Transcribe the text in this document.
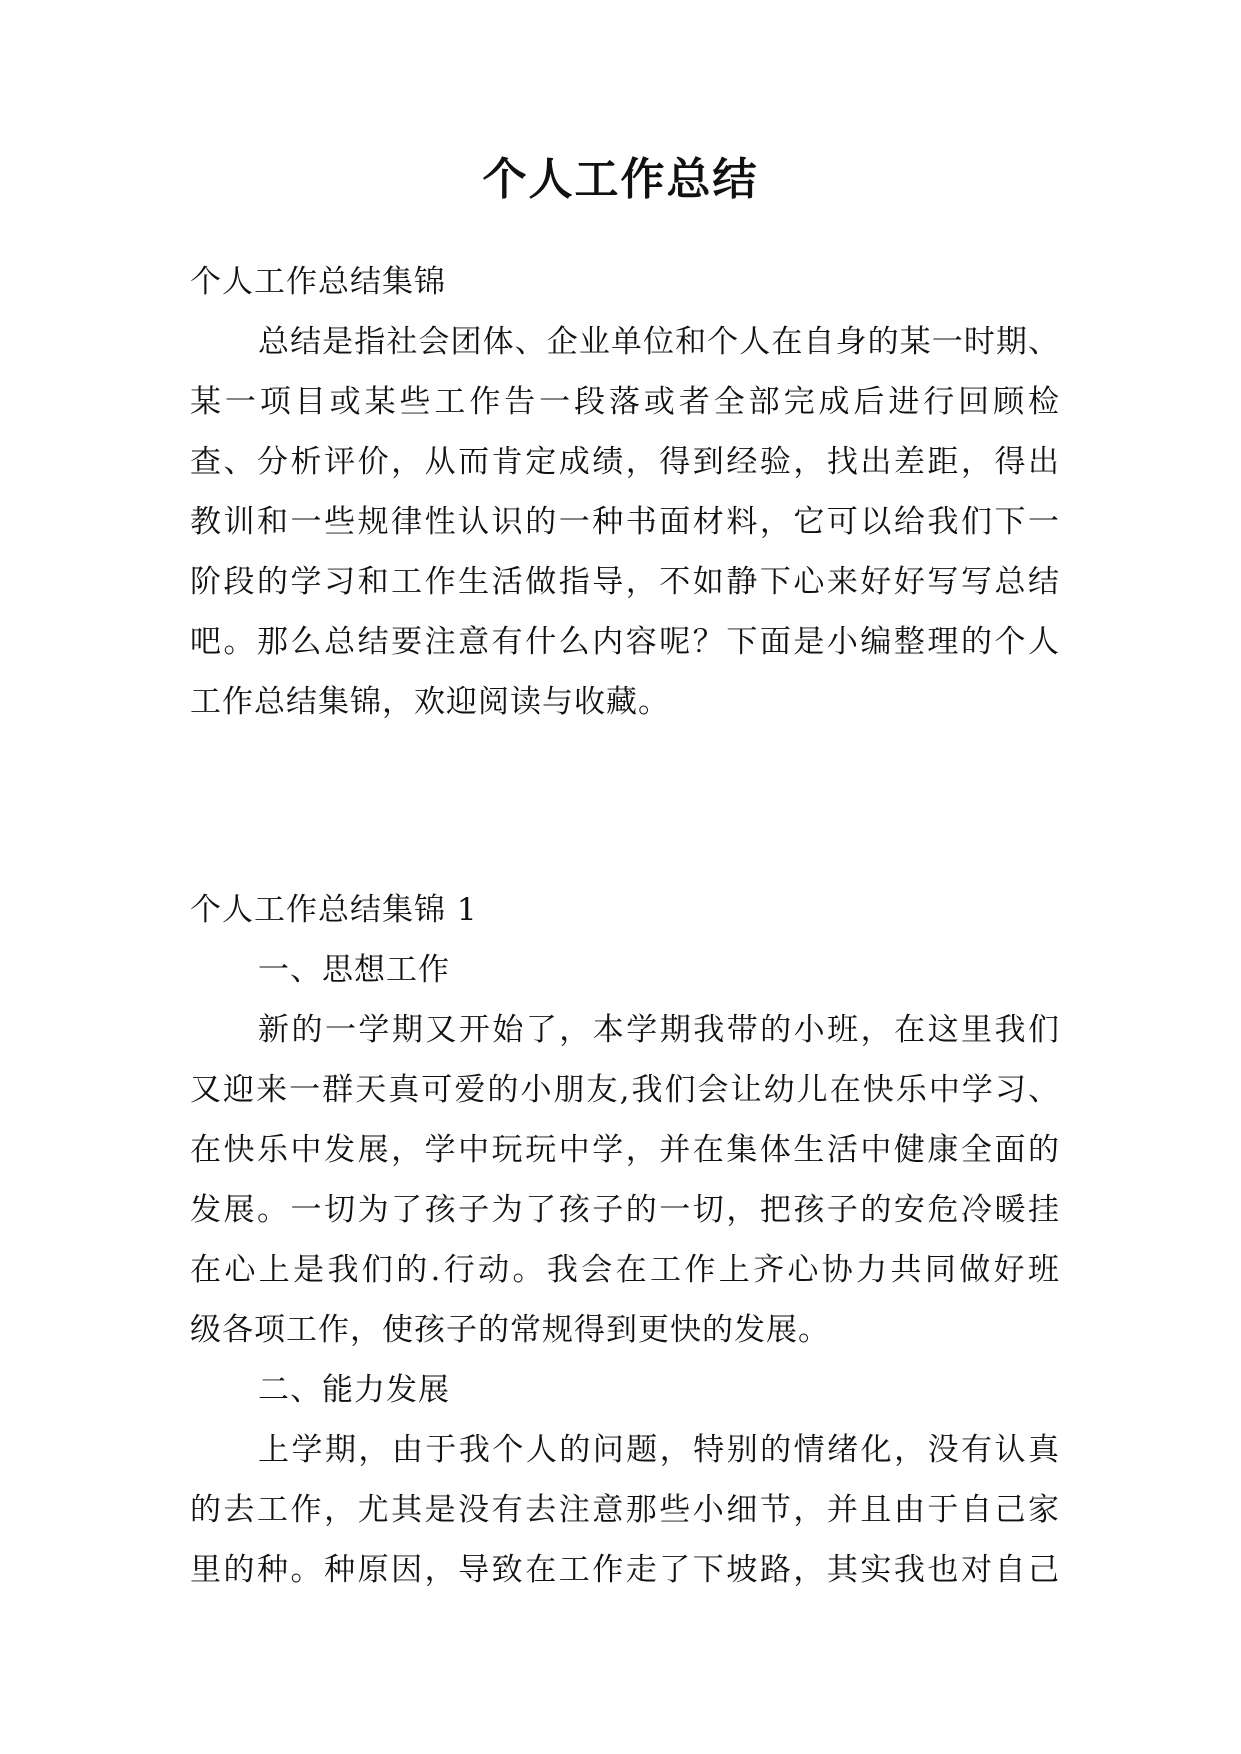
个人工作总结
个人工作总结集锦
总结是指社会团体、企业单位和个人在自身的某一时期、
某一项目或某些工作告一段落或者全部完成后进行回顾检
查、分析评价，从而肯定成绩，得到经验，找出差距，得出
教训和一些规律性认识的一种书面材料，它可以给我们下一
阶段的学习和工作生活做指导，不如静下心来好好写写总结
吧。那么总结要注意有什么内容呢？下面是小编整理的个人
工作总结集锦，欢迎阅读与收藏。
个人工作总结集锦 1
一、思想工作
新的一学期又开始了，本学期我带的小班，在这里我们
又迎来一群天真可爱的小朋友,我们会让幼儿在快乐中学习、
在快乐中发展，学中玩玩中学，并在集体生活中健康全面的
发展。一切为了孩子为了孩子的一切，把孩子的安危冷暖挂
在心上是我们的.行动。我会在工作上齐心协力共同做好班
级各项工作，使孩子的常规得到更快的发展。
二、能力发展
上学期，由于我个人的问题，特别的情绪化，没有认真
的去工作，尤其是没有去注意那些小细节，并且由于自己家
里的种。种原因，导致在工作走了下坡路，其实我也对自己
